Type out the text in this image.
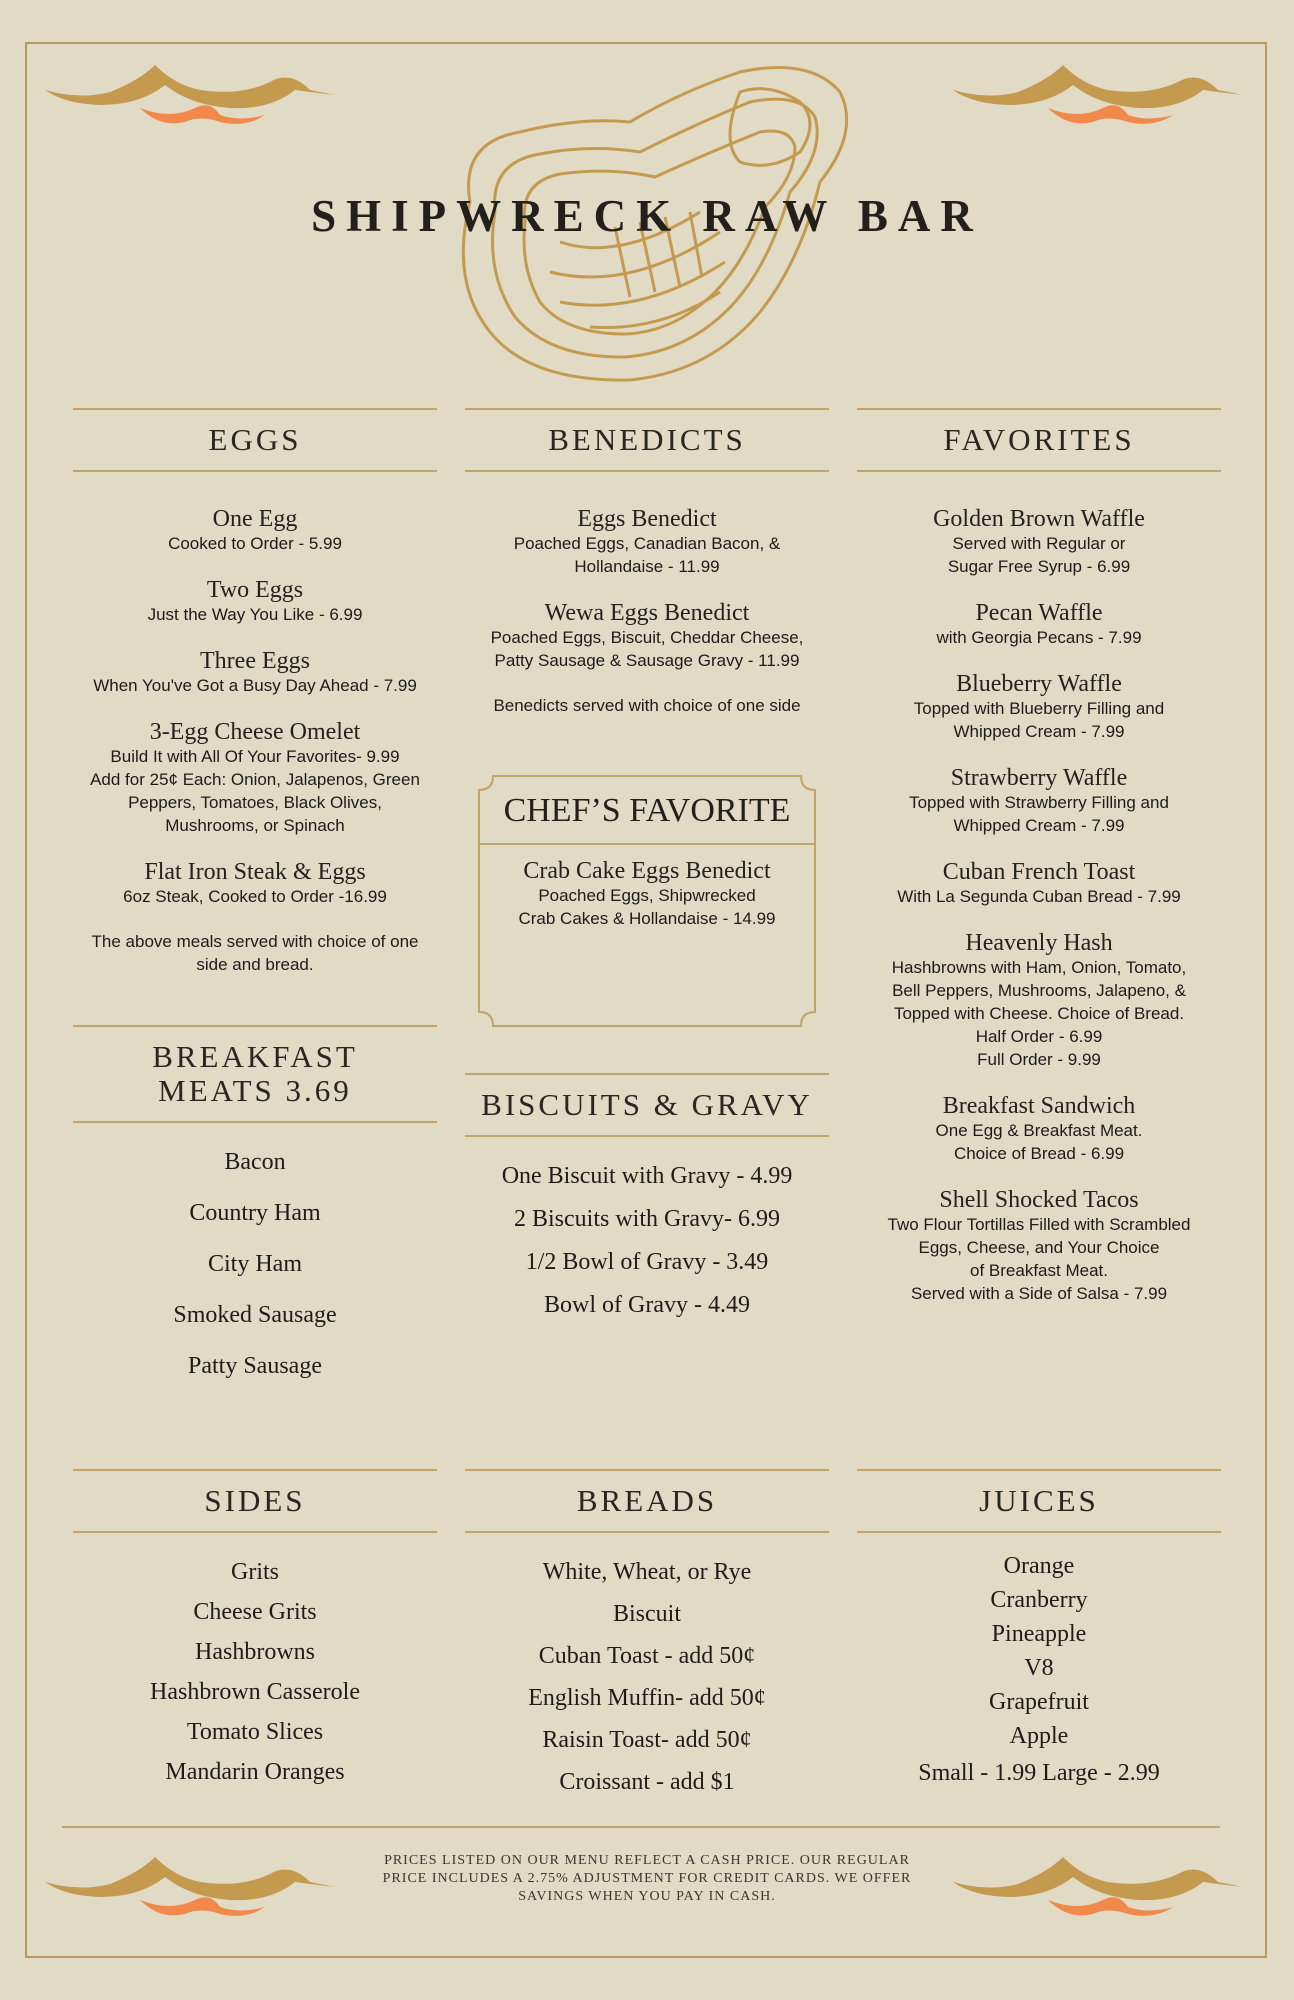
SHIPWRECK RAW BAR
EGGS
One Egg
Cooked to Order - 5.99
Two Eggs
Just the Way You Like - 6.99
Three Eggs
When You've Got a Busy Day Ahead - 7.99
3-Egg Cheese Omelet
Build It with All Of Your Favorites- 9.99
Add for 25¢ Each: Onion, Jalapenos, Green
Peppers, Tomatoes, Black Olives,
Mushrooms, or Spinach
Flat Iron Steak & Eggs
6oz Steak, Cooked to Order -16.99
The above meals served with choice of one
side and bread.
BREAKFAST
MEATS 3.69
Bacon
Country Ham
City Ham
Smoked Sausage
Patty Sausage
BENEDICTS
Eggs Benedict
Poached Eggs, Canadian Bacon, &
Hollandaise - 11.99
Wewa Eggs Benedict
Poached Eggs, Biscuit, Cheddar Cheese,
Patty Sausage & Sausage Gravy - 11.99
Benedicts served with choice of one side
CHEF’S FAVORITE
Crab Cake Eggs Benedict
Poached Eggs, Shipwrecked
Crab Cakes & Hollandaise - 14.99
BISCUITS & GRAVY
One Biscuit with Gravy - 4.99
2 Biscuits with Gravy- 6.99
1/2 Bowl of Gravy - 3.49
Bowl of Gravy - 4.49
FAVORITES
Golden Brown Waffle
Served with Regular or
Sugar Free Syrup - 6.99
Pecan Waffle
with Georgia Pecans - 7.99
Blueberry Waffle
Topped with Blueberry Filling and
Whipped Cream - 7.99
Strawberry Waffle
Topped with Strawberry Filling and
Whipped Cream - 7.99
Cuban French Toast
With La Segunda Cuban Bread - 7.99
Heavenly Hash
Hashbrowns with Ham, Onion, Tomato,
Bell Peppers, Mushrooms, Jalapeno, &
Topped with Cheese. Choice of Bread.
Half Order - 6.99
Full Order - 9.99
Breakfast Sandwich
One Egg & Breakfast Meat.
Choice of Bread - 6.99
Shell Shocked Tacos
Two Flour Tortillas Filled with Scrambled
Eggs, Cheese, and Your Choice
of Breakfast Meat.
Served with a Side of Salsa - 7.99
SIDES
Grits
Cheese Grits
Hashbrowns
Hashbrown Casserole
Tomato Slices
Mandarin Oranges
BREADS
White, Wheat, or Rye
Biscuit
Cuban Toast - add 50¢
English Muffin- add 50¢
Raisin Toast- add 50¢
Croissant - add $1
JUICES
Orange
Cranberry
Pineapple
V8
Grapefruit
Apple
Small - 1.99 Large - 2.99
PRICES LISTED ON OUR MENU REFLECT A CASH PRICE. OUR REGULAR PRICE INCLUDES A 2.75% ADJUSTMENT FOR CREDIT CARDS. WE OFFER SAVINGS WHEN YOU PAY IN CASH.
